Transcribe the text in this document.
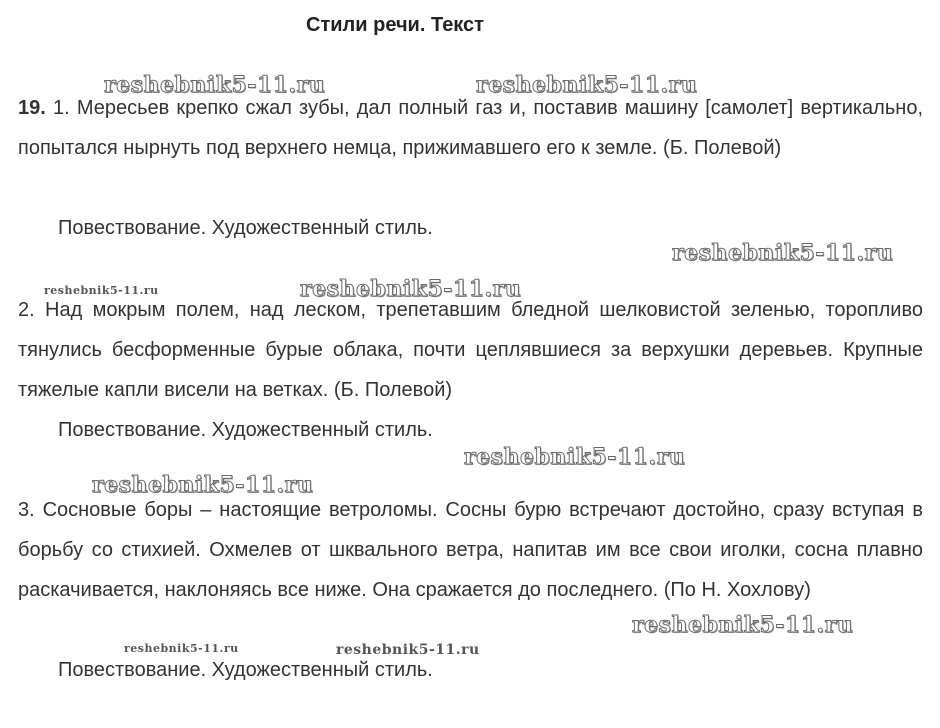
Стили речи. Текст

19. 1. Мересьев крепко сжал зубы, дал полный газ и, поставив машину [самолет] вертикально, попытался нырнуть под верхнего немца, прижимавшего его к земле. (Б. Полевой)

Повествование. Художественный стиль.

2. Над мокрым полем, над леском, трепетавшим бледной шелковистой зеленью, торопливо тянулись бесформенные бурые облака, почти цеплявшиеся за верхушки деревьев. Крупные тяжелые капли висели на ветках. (Б. Полевой)

Повествование. Художественный стиль.

3. Сосновые боры – настоящие ветроломы. Сосны бурю встречают достойно, сразу вступая в борьбу со стихией. Охмелев от шквального ветра, напитав им все свои иголки, сосна плавно раскачивается, наклоняясь все ниже. Она сражается до последнего. (По Н. Хохлову)

Повествование. Художественный стиль.

reshebnik5-11.ru	reshebnik5-11.ru
reshebnik5-11.ru
reshebnik5-11.ru	reshebnik5-11.ru
reshebnik5-11.ru
reshebnik5-11.ru
reshebnik5-11.ru
reshebnik5-11.ru	reshebnik5-11.ru
